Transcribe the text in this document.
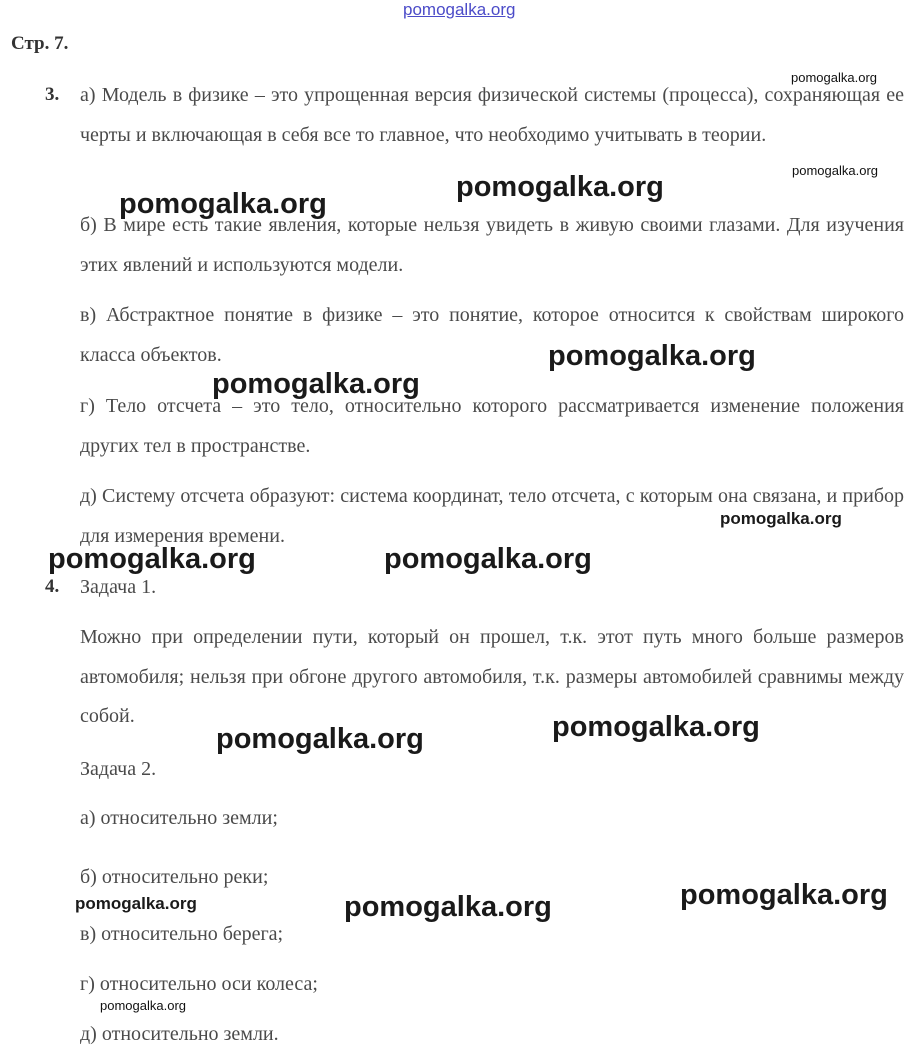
pomogalka.org
Стр. 7.
3. а) Модель в физике – это упрощенная версия физической системы (процесса), сохраняющая ее черты и включающая в себя все то главное, что необходимо учитывать в теории.
б) В мире есть такие явления, которые нельзя увидеть в живую своими глазами. Для изучения этих явлений и используются модели.
в) Абстрактное понятие в физике – это понятие, которое относится к свойствам широкого класса объектов.
г) Тело отсчета – это тело, относительно которого рассматривается изменение положения других тел в пространстве.
д) Систему отсчета образуют: система координат, тело отсчета, с которым она связана, и прибор для измерения времени.
4. Задача 1.
Можно при определении пути, который он прошел, т.к. этот путь много больше размеров автомобиля; нельзя при обгоне другого автомобиля, т.к. размеры автомобилей сравнимы между собой.
Задача 2.
а) относительно земли;
б) относительно реки;
в) относительно берега;
г) относительно оси колеса;
д) относительно земли.
pomogalka.org
pomogalka.org
pomogalka.org
pomogalka.org
pomogalka.org
pomogalka.org
pomogalka.org
pomogalka.org	pomogalka.org
pomogalka.org
pomogalka.org
pomogalka.org
pomogalka.org	pomogalka.org
pomogalka.org
